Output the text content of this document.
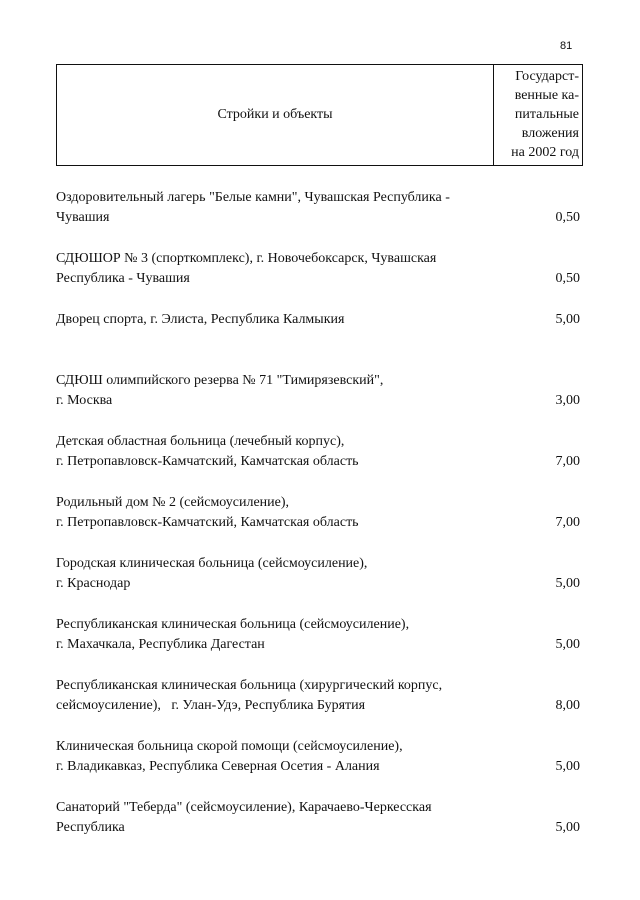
81
Стройки и объекты
Государст-
венные ка-
питальные
вложения
на 2002 год
Оздоровительный лагерь "Белые камни", Чувашская Республика -
Чувашия	0,50
СДЮШОР № 3 (спорткомплекс), г. Новочебоксарск, Чувашская
Республика - Чувашия	0,50
Дворец спорта, г. Элиста, Республика Калмыкия	5,00
СДЮШ олимпийского резерва № 71 "Тимирязевский",
г. Москва	3,00
Детская областная больница (лечебный корпус),
г. Петропавловск-Камчатский, Камчатская область	7,00
Родильный дом № 2 (сейсмоусиление),
г. Петропавловск-Камчатский, Камчатская область	7,00
Городская клиническая больница (сейсмоусиление),
г. Краснодар	5,00
Республиканская клиническая больница (сейсмоусиление),
г. Махачкала, Республика Дагестан	5,00
Республиканская клиническая больница (хирургический корпус,
сейсмоусиление),   г. Улан-Удэ, Республика Бурятия	8,00
Клиническая больница скорой помощи (сейсмоусиление),
г. Владикавказ, Республика Северная Осетия - Алания	5,00
Санаторий "Теберда" (сейсмоусиление), Карачаево-Черкесская
Республика	5,00
